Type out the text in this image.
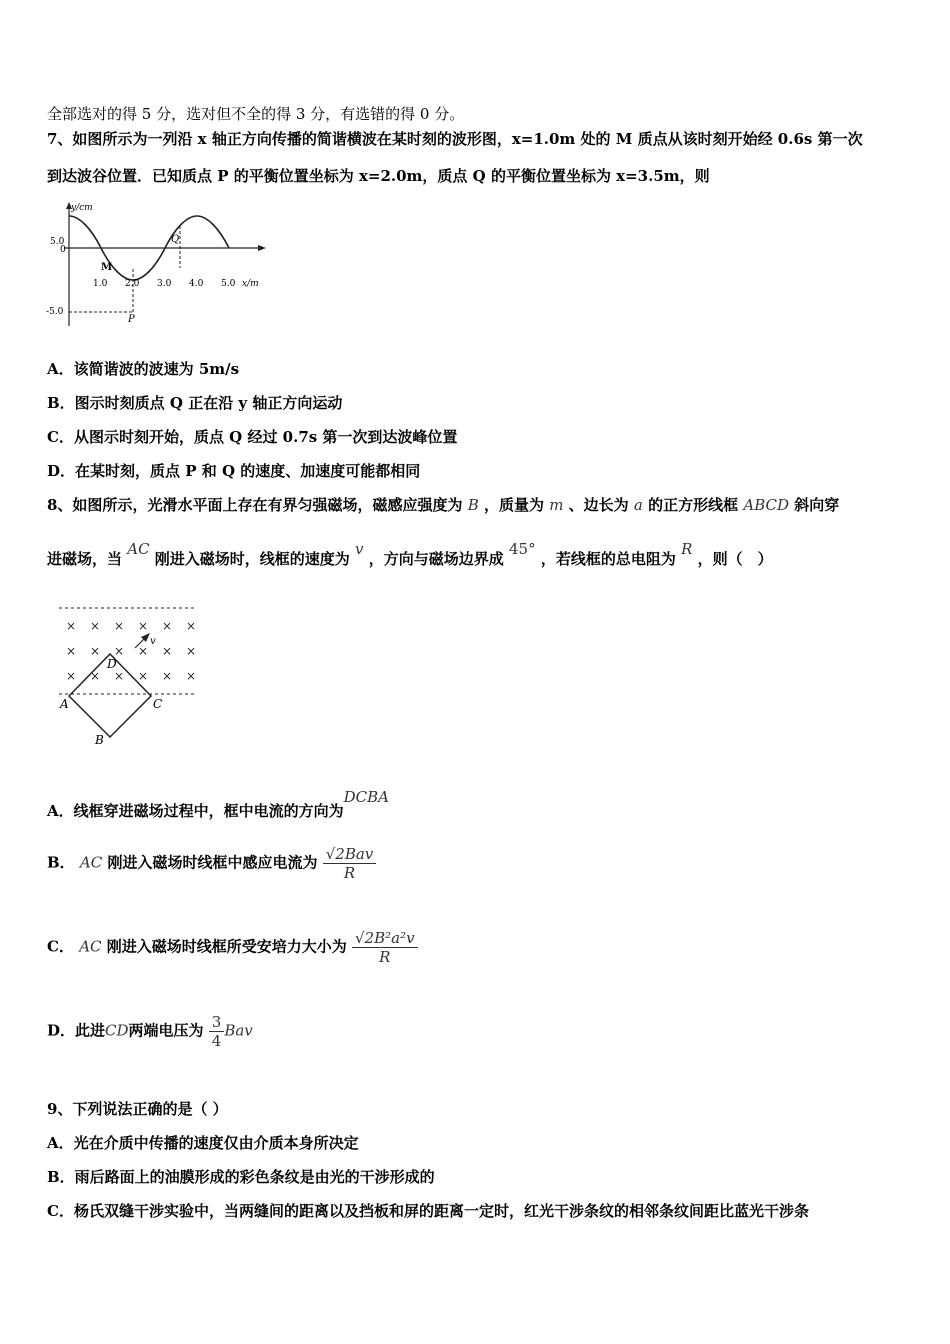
全部选对的得 5 分，选对但不全的得 3 分，有选错的得 0 分。
7、如图所示为一列沿 x 轴正方向传播的简谐横波在某时刻的波形图，x=1.0m 处的 M 质点从该时刻开始经 0.6s 第一次
到达波谷位置．已知质点 P 的平衡位置坐标为 x=2.0m，质点 Q 的平衡位置坐标为 x=3.5m，则
y/cm
x/m
5.0
0
-5.0
1.0 2.0 3.0 4.0 5.0
M
P
Q
A．该简谐波的波速为 5m/s
B．图示时刻质点 Q 正在沿 y 轴正方向运动
C．从图示时刻开始，质点 Q 经过 0.7s 第一次到达波峰位置
D．在某时刻，质点 P 和 Q 的速度、加速度可能都相同
8、如图所示，光滑水平面上存在有界匀强磁场，磁感应强度为 B ，质量为 m 、边长为 a 的正方形线框 ABCD 斜向穿
进磁场，当 AC 刚进入磁场时，线框的速度为 v ，方向与磁场边界成 45° ，若线框的总电阻为 R ，则（　）
× × × × × ×
× × × × × ×
× × × × × ×
v
A	C
D
B
A．线框穿进磁场过程中，框中电流的方向为DCBA
B． AC 刚进入磁场时线框中感应电流为 $\frac{\text{√2Bav}}{R}$
C． AC 刚进入磁场时线框所受安培力大小为 $\frac{\text{√2B²a²v}}{R}$
D．此进CD两端电压为 $\frac{3}{4}$ Bav
9、下列说法正确的是（ ）
A．光在介质中传播的速度仅由介质本身所决定
B．雨后路面上的油膜形成的彩色条纹是由光的干涉形成的
C．杨氏双缝干涉实验中，当两缝间的距离以及挡板和屏的距离一定时，红光干涉条纹的相邻条纹间距比蓝光干涉条
